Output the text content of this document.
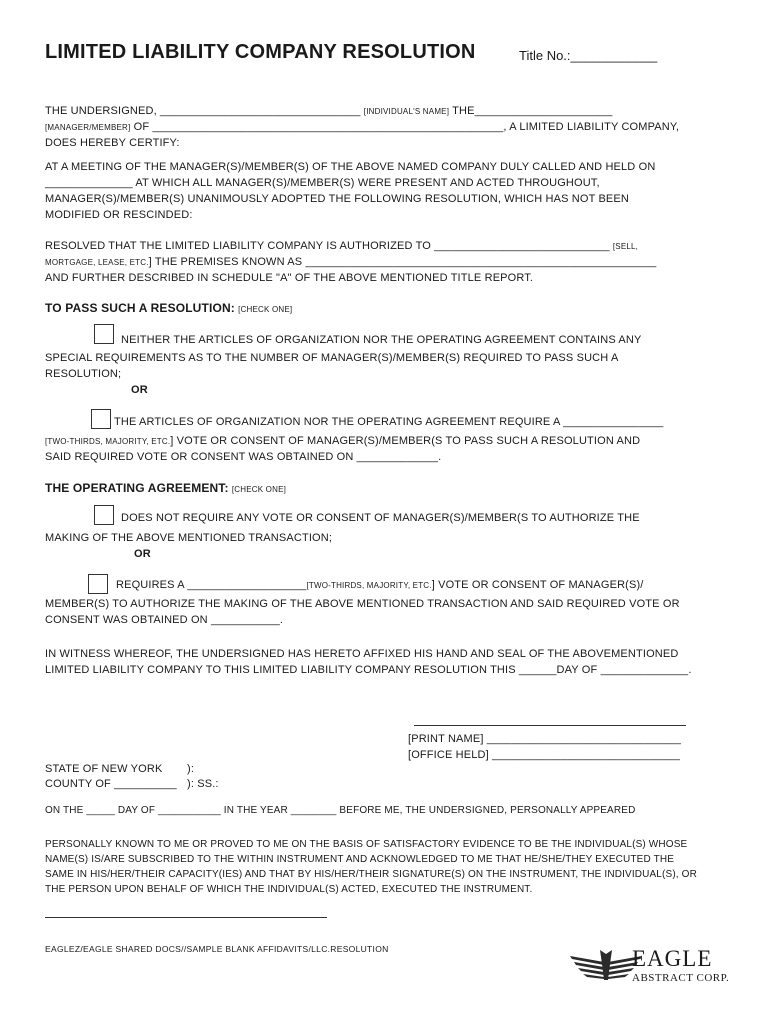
LIMITED LIABILITY COMPANY RESOLUTION	Title No.:____________
THE UNDERSIGNED, ________________________________ [INDIVIDUAL'S NAME] THE______________________
[MANAGER/MEMBER] OF ________________________________________________________, A LIMITED LIABILITY COMPANY,
DOES HEREBY CERTIFY:
AT A MEETING OF THE MANAGER(S)/MEMBER(S) OF THE ABOVE NAMED COMPANY DULY CALLED AND HELD ON
______________ AT WHICH ALL MANAGER(S)/MEMBER(S) WERE PRESENT AND ACTED THROUGHOUT,
MANAGER(S)/MEMBER(S) UNANIMOUSLY ADOPTED THE FOLLOWING RESOLUTION, WHICH HAS NOT BEEN
MODIFIED OR RESCINDED:
RESOLVED THAT THE LIMITED LIABILITY COMPANY IS AUTHORIZED TO ____________________________ [SELL,
MORTGAGE, LEASE, ETC.] THE PREMISES KNOWN AS ________________________________________________________
AND FURTHER DESCRIBED IN SCHEDULE "A" OF THE ABOVE MENTIONED TITLE REPORT.
TO PASS SUCH A RESOLUTION: [CHECK ONE]
NEITHER THE ARTICLES OF ORGANIZATION NOR THE OPERATING AGREEMENT CONTAINS ANY
SPECIAL REQUIREMENTS AS TO THE NUMBER OF MANAGER(S)/MEMBER(S) REQUIRED TO PASS SUCH A
RESOLUTION;
OR
THE ARTICLES OF ORGANIZATION NOR THE OPERATING AGREEMENT REQUIRE A ________________
[TWO-THIRDS, MAJORITY, ETC.] VOTE OR CONSENT OF MANAGER(S)/MEMBER(S TO PASS SUCH A RESOLUTION AND
SAID REQUIRED VOTE OR CONSENT WAS OBTAINED ON _____________.
THE OPERATING AGREEMENT: [CHECK ONE]
DOES NOT REQUIRE ANY VOTE OR CONSENT OF MANAGER(S)/MEMBER(S TO AUTHORIZE THE
MAKING OF THE ABOVE MENTIONED TRANSACTION;
OR
REQUIRES A ___________________[TWO-THIRDS, MAJORITY, ETC.] VOTE OR CONSENT OF MANAGER(S)/
MEMBER(S) TO AUTHORIZE THE MAKING OF THE ABOVE MENTIONED TRANSACTION AND SAID REQUIRED VOTE OR
CONSENT WAS OBTAINED ON ___________.
IN WITNESS WHEREOF, THE UNDERSIGNED HAS HERETO AFFIXED HIS HAND AND SEAL OF THE ABOVEMENTIONED
LIMITED LIABILITY COMPANY TO THIS LIMITED LIABILITY COMPANY RESOLUTION THIS ______DAY OF ______________.
[PRINT NAME] _______________________________
[OFFICE HELD] ______________________________
STATE OF NEW YORK ):
COUNTY OF __________ ): SS.:
ON THE _____ DAY OF ___________ IN THE YEAR ________ BEFORE ME, THE UNDERSIGNED, PERSONALLY APPEARED
PERSONALLY KNOWN TO ME OR PROVED TO ME ON THE BASIS OF SATISFACTORY EVIDENCE TO BE THE INDIVIDUAL(S) WHOSE
NAME(S) IS/ARE SUBSCRIBED TO THE WITHIN INSTRUMENT AND ACKNOWLEDGED TO ME THAT HE/SHE/THEY EXECUTED THE
SAME IN HIS/HER/THEIR CAPACITY(IES) AND THAT BY HIS/HER/THEIR SIGNATURE(S) ON THE INSTRUMENT, THE INDIVIDUAL(S), OR
THE PERSON UPON BEHALF OF WHICH THE INDIVIDUAL(S) ACTED, EXECUTED THE INSTRUMENT.
EAGLEZ/EAGLE SHARED DOCS//SAMPLE BLANK AFFIDAVITS/LLC.RESOLUTION	EAGLE
ABSTRACT CORP.
